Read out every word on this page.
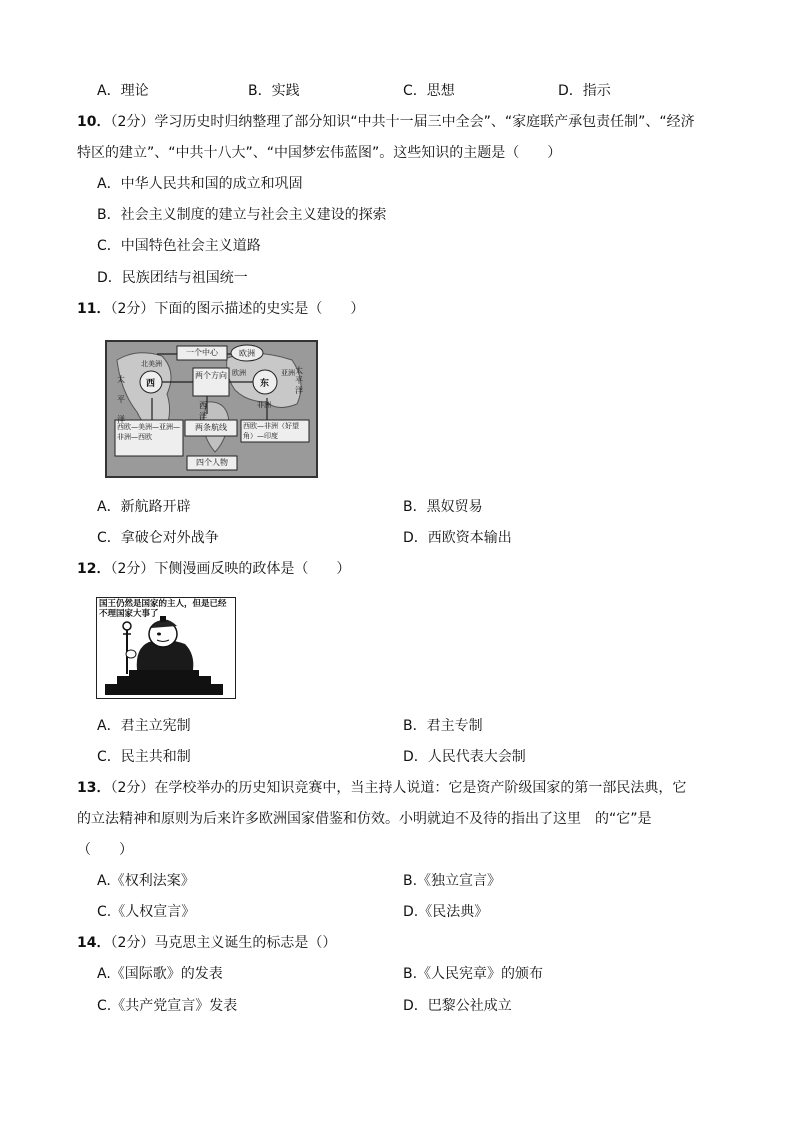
A．理论	B．实践	C．思想	D．指示
10．（2分）学习历史时归纳整理了部分知识“中共十一届三中全会”、“家庭联产承包责任制”、“经济
特区的建立”、“中共十八大”、“中国梦宏伟蓝图”。这些知识的主题是（　　）
A．中华人民共和国的成立和巩固
B．社会主义制度的建立与社会主义建设的探索
C．中国特色社会主义道路
D．民族团结与祖国统一
11．（2分）下面的图示描述的史实是（　　）
一个中心	欧洲
北美洲
西
两个方向
东
亚洲
欧洲
非洲
太平洋
太平洋
西洋
西欧—美洲—亚洲—非洲—西欧
两条航线	西欧—非洲（好望角）—印度
四个人物
A．新航路开辟	B．黑奴贸易
C．拿破仑对外战争	D．西欧资本输出
12．（2分）下侧漫画反映的政体是（　　）
国王仍然是国家的主人，但是已经不理国家大事了
A．君主立宪制	B．君主专制
C．民主共和制	D．人民代表大会制
13．（2分）在学校举办的历史知识竞赛中，当主持人说道：它是资产阶级国家的第一部民法典，它
的立法精神和原则为后来许多欧洲国家借鉴和仿效。小明就迫不及待的指出了这里　的“它”是
（　　）
A.《权利法案》	B.《独立宣言》
C.《人权宣言》	D.《民法典》
14．（2分）马克思主义诞生的标志是（）
A.《国际歌》的发表	B.《人民宪章》的颁布
C.《共产党宣言》发表	D．巴黎公社成立
